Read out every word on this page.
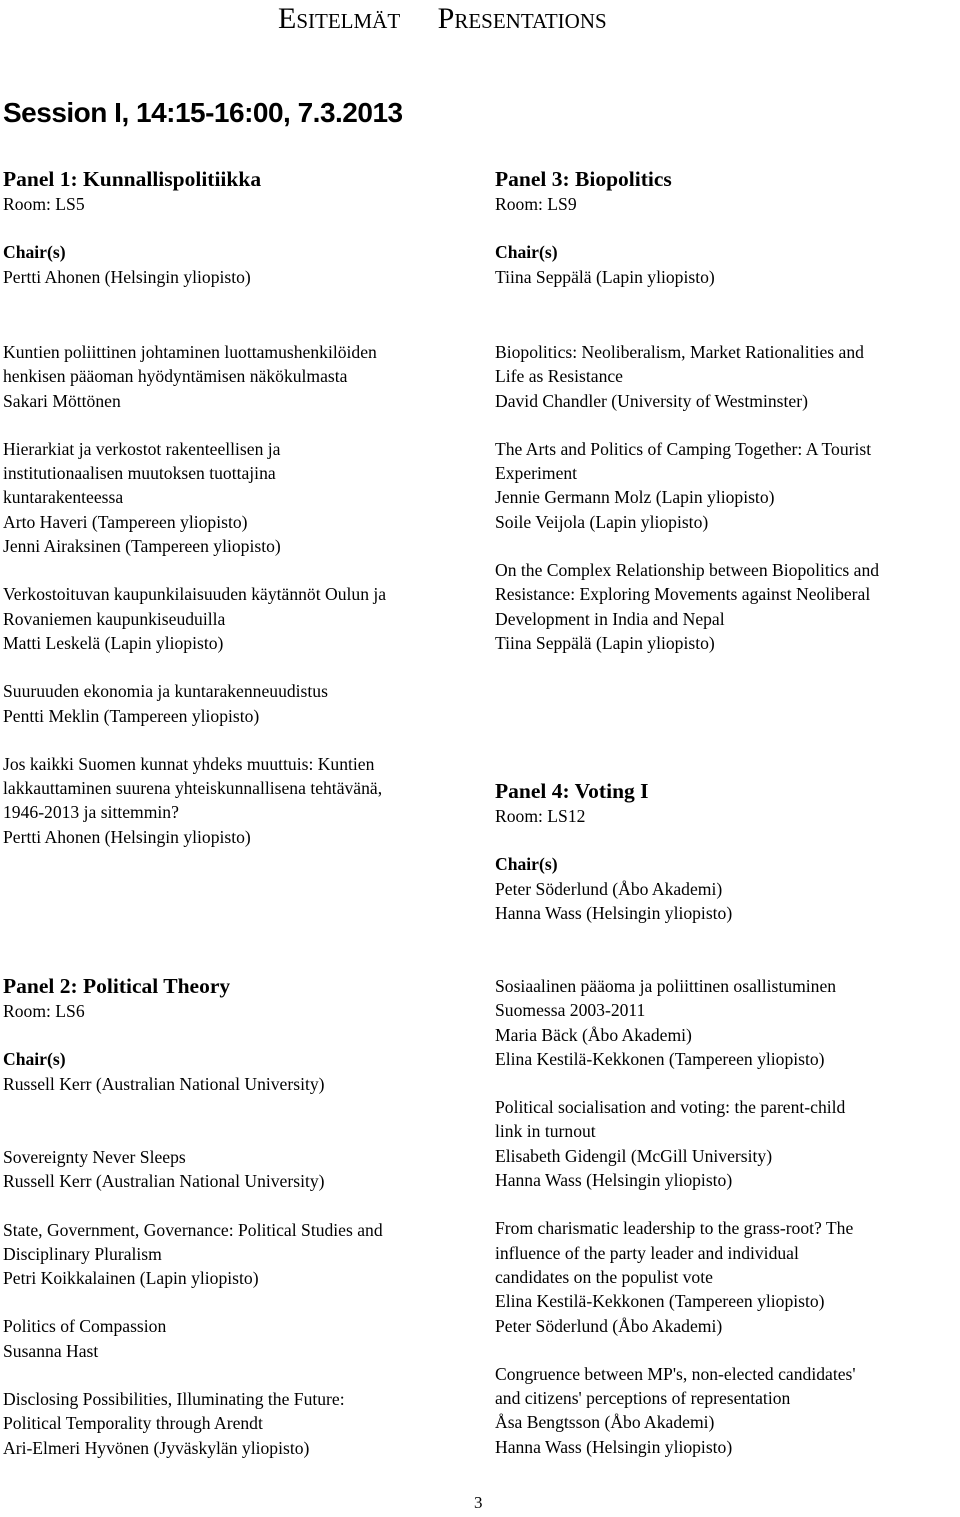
Esitelmät Presentations
Session I, 14:15-16:00, 7.3.2013

Panel 1: Kunnallispolitiikka

Room: LS5

Chair(s)

Pertti Ahonen (Helsingin yliopisto)

Kuntien poliittinen johtaminen luottamushenkilöiden
henkisen pääoman hyödyntämisen näkökulmasta
Sakari Möttönen
Hierarkiat ja verkostot rakenteellisen ja
institutionaalisen muutoksen tuottajina
kuntarakenteessa
Arto Haveri (Tampereen yliopisto)
Jenni Airaksinen (Tampereen yliopisto)
Verkostoituvan kaupunkilaisuuden käytännöt Oulun ja
Rovaniemen kaupunkiseuduilla
Matti Leskelä (Lapin yliopisto)
Suuruuden ekonomia ja kuntarakenneuudistus
Pentti Meklin (Tampereen yliopisto)
Jos kaikki Suomen kunnat yhdeks muuttuis: Kuntien
lakkauttaminen suurena yhteiskunnallisena tehtävänä,
1946-2013 ja sittemmin?
Pertti Ahonen (Helsingin yliopisto)

Panel 3: Biopolitics

Room: LS9

Chair(s)

Tiina Seppälä (Lapin yliopisto)

Biopolitics: Neoliberalism, Market Rationalities and
Life as Resistance
David Chandler (University of Westminster)
The Arts and Politics of Camping Together: A Tourist
Experiment
Jennie Germann Molz (Lapin yliopisto)
Soile Veijola (Lapin yliopisto)
On the Complex Relationship between Biopolitics and
Resistance: Exploring Movements against Neoliberal
Development in India and Nepal
Tiina Seppälä (Lapin yliopisto)

Panel 4: Voting I

Room: LS12

Chair(s)

Peter Söderlund (Åbo Akademi)

Hanna Wass (Helsingin yliopisto)

Sosiaalinen pääoma ja poliittinen osallistuminen
Suomessa 2003-2011
Maria Bäck (Åbo Akademi)
Elina Kestilä-Kekkonen (Tampereen yliopisto)
Political socialisation and voting: the parent-child
link in turnout
Elisabeth Gidengil (McGill University)
Hanna Wass (Helsingin yliopisto)
From charismatic leadership to the grass-root? The
influence of the party leader and individual
candidates on the populist vote
Elina Kestilä-Kekkonen (Tampereen yliopisto)
Peter Söderlund (Åbo Akademi)
Congruence between MP's, non-elected candidates'
and citizens' perceptions of representation
Åsa Bengtsson (Åbo Akademi)
Hanna Wass (Helsingin yliopisto)

Panel 2: Political Theory

Room: LS6

Chair(s)

Russell Kerr (Australian National University)

Sovereignty Never Sleeps
Russell Kerr (Australian National University)
State, Government, Governance: Political Studies and
Disciplinary Pluralism
Petri Koikkalainen (Lapin yliopisto)
Politics of Compassion
Susanna Hast
Disclosing Possibilities, Illuminating the Future:
Political Temporality through Arendt
Ari-Elmeri Hyvönen (Jyväskylän yliopisto)
3
